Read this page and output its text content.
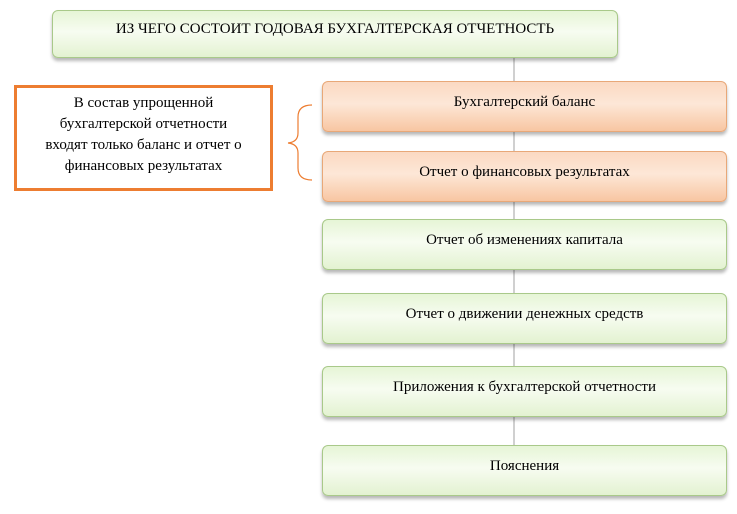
ИЗ ЧЕГО СОСТОИТ ГОДОВАЯ БУХГАЛТЕРСКАЯ ОТЧЕТНОСТЬ
В состав упрощенной
бухгалтерской отчетности
входят только баланс и отчет о
финансовых результатах
Бухгалтерский баланс
Отчет о финансовых результатах
Отчет об изменениях капитала
Отчет о движении денежных средств
Приложения к бухгалтерской отчетности
Пояснения
